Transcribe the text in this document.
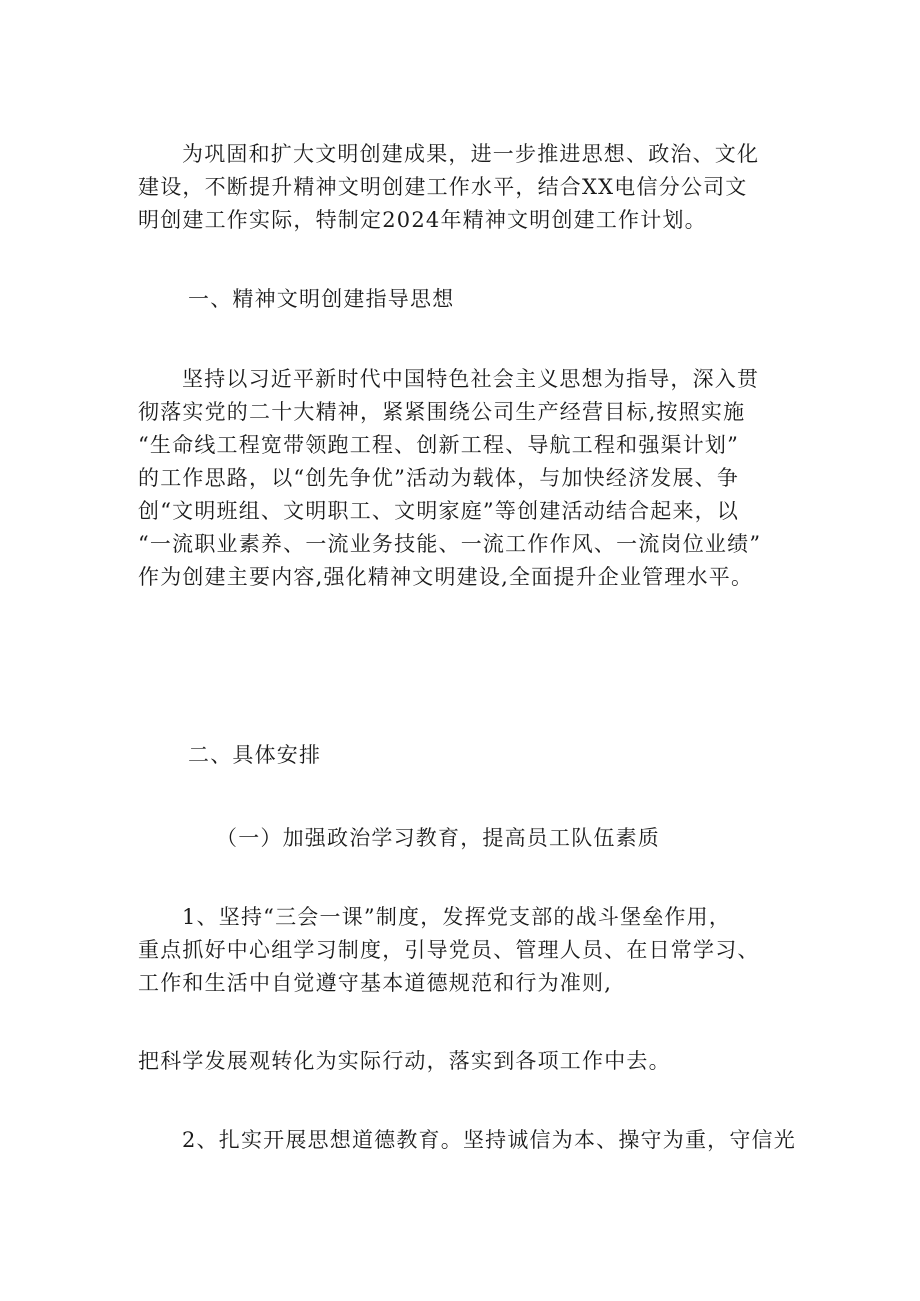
为巩固和扩大文明创建成果，进一步推进思想、政治、文化
建设，不断提升精神文明创建工作水平，结合XX电信分公司文
明创建工作实际，特制定2024年精神文明创建工作计划。
一、精神文明创建指导思想
坚持以习近平新时代中国特色社会主义思想为指导，深入贯
彻落实党的二十大精神，紧紧围绕公司生产经营目标,按照实施
“生命线工程宽带领跑工程、创新工程、导航工程和强渠计划”
的工作思路，以“创先争优”活动为载体，与加快经济发展、争
创“文明班组、文明职工、文明家庭”等创建活动结合起来，以
“一流职业素养、一流业务技能、一流工作作风、一流岗位业绩”
作为创建主要内容,强化精神文明建设,全面提升企业管理水平。
二、具体安排
（一）加强政治学习教育，提高员工队伍素质
1、坚持“三会一课”制度，发挥党支部的战斗堡垒作用，
重点抓好中心组学习制度，引导党员、管理人员、在日常学习、
工作和生活中自觉遵守基本道德规范和行为准则,
把科学发展观转化为实际行动，落实到各项工作中去。
2、扎实开展思想道德教育。坚持诚信为本、操守为重，守信光
